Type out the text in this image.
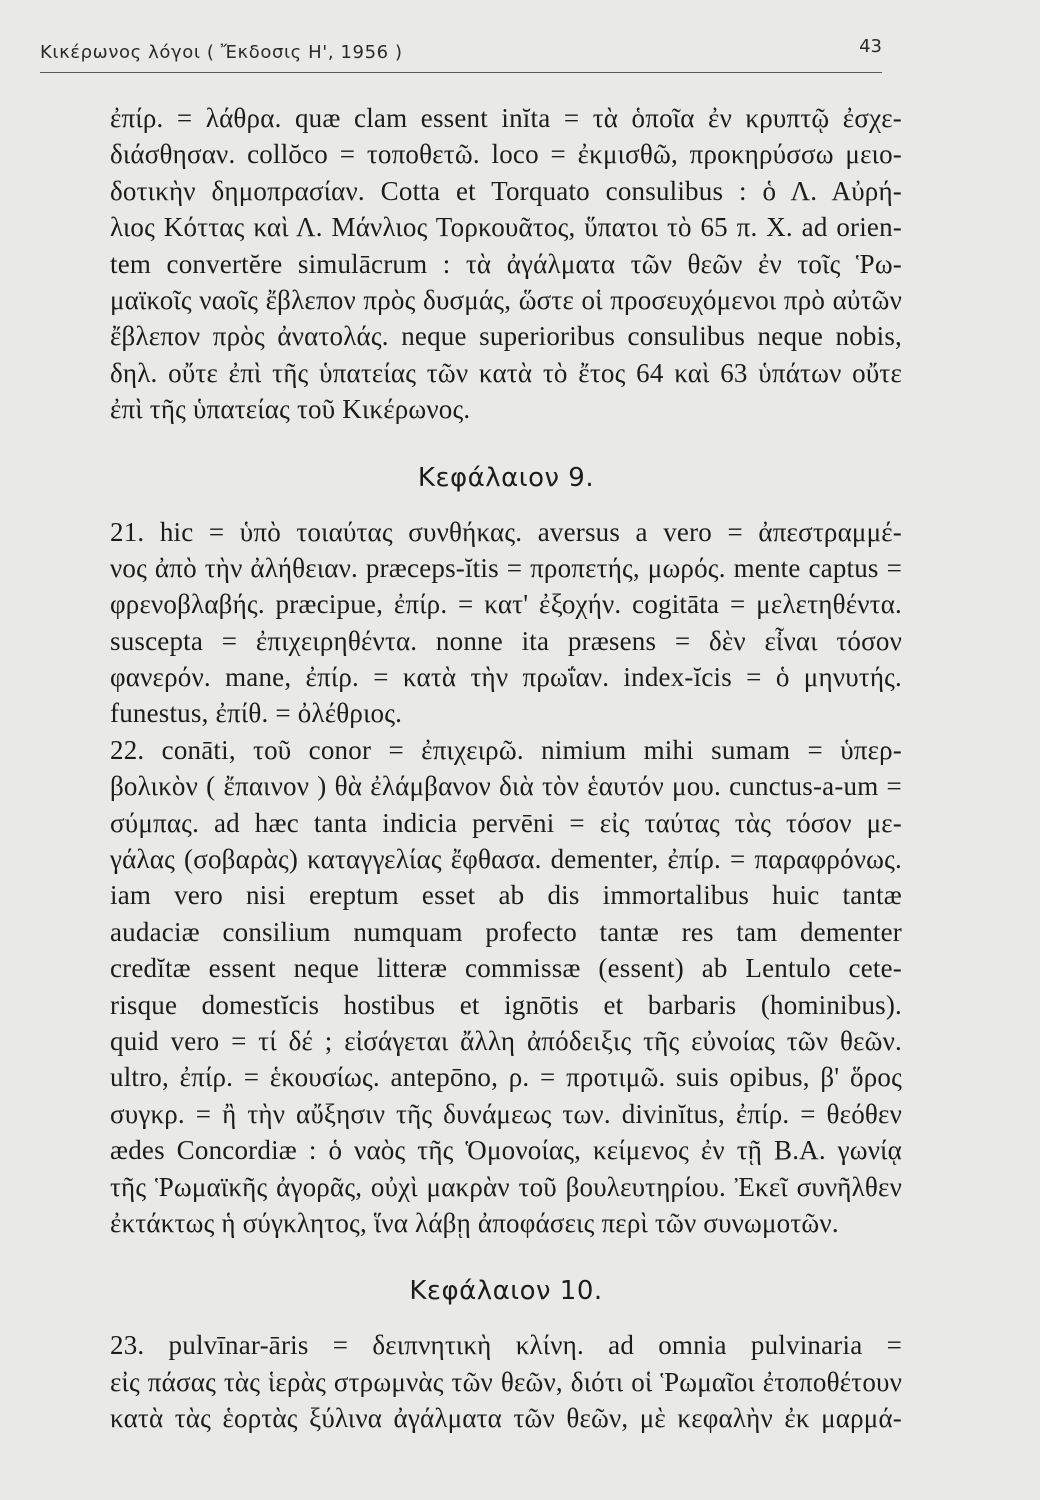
Κικέρωνος λόγοι ( Ἔκδοσις Η', 1956 )	43
ἐπίρ. = λάθρα. quæ clam essent inĭta = τὰ ὁποῖα ἐν κρυπτῷ ἐσχε-
διάσθησαν. collŏco = τοποθετῶ. loco = ἐκμισθῶ, προκηρύσσω μειο-
δοτικὴν δημοπρασίαν. Cotta et Torquato consulibus : ὁ Λ. Αὐρή-
λιος Κόττας καὶ Λ. Μάνλιος Τορκουᾶτος, ὕπατοι τὸ 65 π. Χ. ad orien-
tem convertĕre simulācrum : τὰ ἀγάλματα τῶν θεῶν ἐν τοῖς Ῥω-
μαϊκοῖς ναοῖς ἔβλεπον πρὸς δυσμάς, ὥστε οἱ προσευχόμενοι πρὸ αὐτῶν
ἔβλεπον πρὸς ἀνατολάς. neque superioribus consulibus neque nobis,
δηλ. οὔτε ἐπὶ τῆς ὑπατείας τῶν κατὰ τὸ ἔτος 64 καὶ 63 ὑπάτων οὔτε
ἐπὶ τῆς ὑπατείας τοῦ Κικέρωνος.
Κεφάλαιον 9.
21. hic = ὑπὸ τοιαύτας συνθήκας. aversus a vero = ἀπεστραμμέ-
νος ἀπὸ τὴν ἀλήθειαν. præceps-ĭtis = προπετής, μωρός. mente captus =
φρενοβλαβής. præcipue, ἐπίρ. = κατ' ἐξοχήν. cogitāta = μελετηθέντα.
suscepta = ἐπιχειρηθέντα. nonne ita præsens = δὲν εἶναι τόσον
φανερόν. mane, ἐπίρ. = κατὰ τὴν πρωΐαν. index-ĭcis = ὁ μηνυτής.
funestus, ἐπίθ. = ὀλέθριος.
22. conāti, τοῦ conor = ἐπιχειρῶ. nimium mihi sumam = ὑπερ-
βολικὸν ( ἔπαινον ) θὰ ἐλάμβανον διὰ τὸν ἑαυτόν μου. cunctus-a-um =
σύμπας. ad hæc tanta indicia pervēni = εἰς ταύτας τὰς τόσον με-
γάλας (σοβαρὰς) καταγγελίας ἔφθασα. dementer, ἐπίρ. = παραφρόνως.
iam vero nisi ereptum esset ab dis immortalibus huic tantæ
audaciæ consilium numquam profecto tantæ res tam dementer
credĭtæ essent neque litteræ commissæ (essent) ab Lentulo cete-
risque domestĭcis hostibus et ignōtis et barbaris (hominibus).
quid vero = τί δέ ; εἰσάγεται ἄλλη ἀπόδειξις τῆς εὐνοίας τῶν θεῶν.
ultro, ἐπίρ. = ἑκουσίως. antepōno, ρ. = προτιμῶ. suis opibus, β' ὅρος
συγκρ. = ἢ τὴν αὔξησιν τῆς δυνάμεως των. divinĭtus, ἐπίρ. = θεόθεν
ædes Concordiæ : ὁ ναὸς τῆς Ὁμονοίας, κείμενος ἐν τῇ Β.Α. γωνίᾳ
τῆς Ῥωμαϊκῆς ἀγορᾶς, οὐχὶ μακρὰν τοῦ βουλευτηρίου. Ἐκεῖ συνῆλθεν
ἐκτάκτως ἡ σύγκλητος, ἵνα λάβῃ ἀποφάσεις περὶ τῶν συνωμοτῶν.
Κεφάλαιον 10.
23. pulvīnar-āris = δειπνητικὴ κλίνη. ad omnia pulvinaria =
εἰς πάσας τὰς ἱερὰς στρωμνὰς τῶν θεῶν, διότι οἱ Ῥωμαῖοι ἐτοποθέτουν
κατὰ τὰς ἑορτὰς ξύλινα ἀγάλματα τῶν θεῶν, μὲ κεφαλὴν ἐκ μαρμά-
